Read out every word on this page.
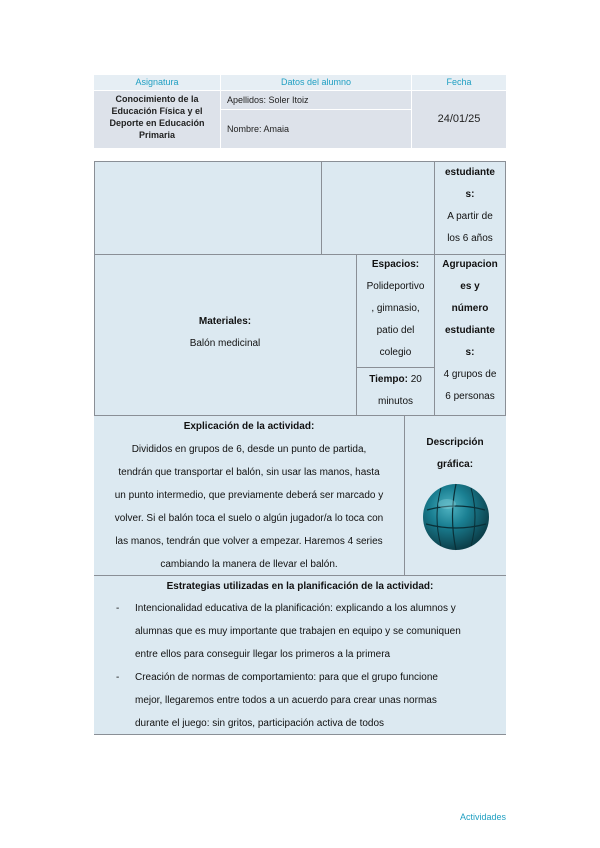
Asignatura	Datos del alumno	Fecha
Conocimiento de la
Educación Física y el
Deporte en Educación
Primaria
Apellidos: Soler Itoiz
Nombre: Amaia
24/01/25
estudiante
s:
A partir de
los 6 años
Materiales:
Balón medicinal
Espacios:
Polideportivo
, gimnasio,
patio del
colegio
Tiempo: 20
minutos
Agrupacion
es y
número
estudiante
s:
4 grupos de
6 personas
Explicación de la actividad:
Divididos en grupos de 6, desde un punto de partida,
tendrán que transportar el balón, sin usar las manos, hasta
un punto intermedio, que previamente deberá ser marcado y
volver. Si el balón toca el suelo o algún jugador/a lo toca con
las manos, tendrán que volver a empezar. Haremos 4 series
cambiando la manera de llevar el balón.
Descripción
gráfica:
Estrategias utilizadas en la planificación de la actividad:
- Intencionalidad educativa de la planificación: explicando a los alumnos y
alumnas que es muy importante que trabajen en equipo y se comuniquen
entre ellos para conseguir llegar los primeros a la primera
- Creación de normas de comportamiento: para que el grupo funcione
mejor, llegaremos entre todos a un acuerdo para crear unas normas
durante el juego: sin gritos, participación activa de todos
Actividades
